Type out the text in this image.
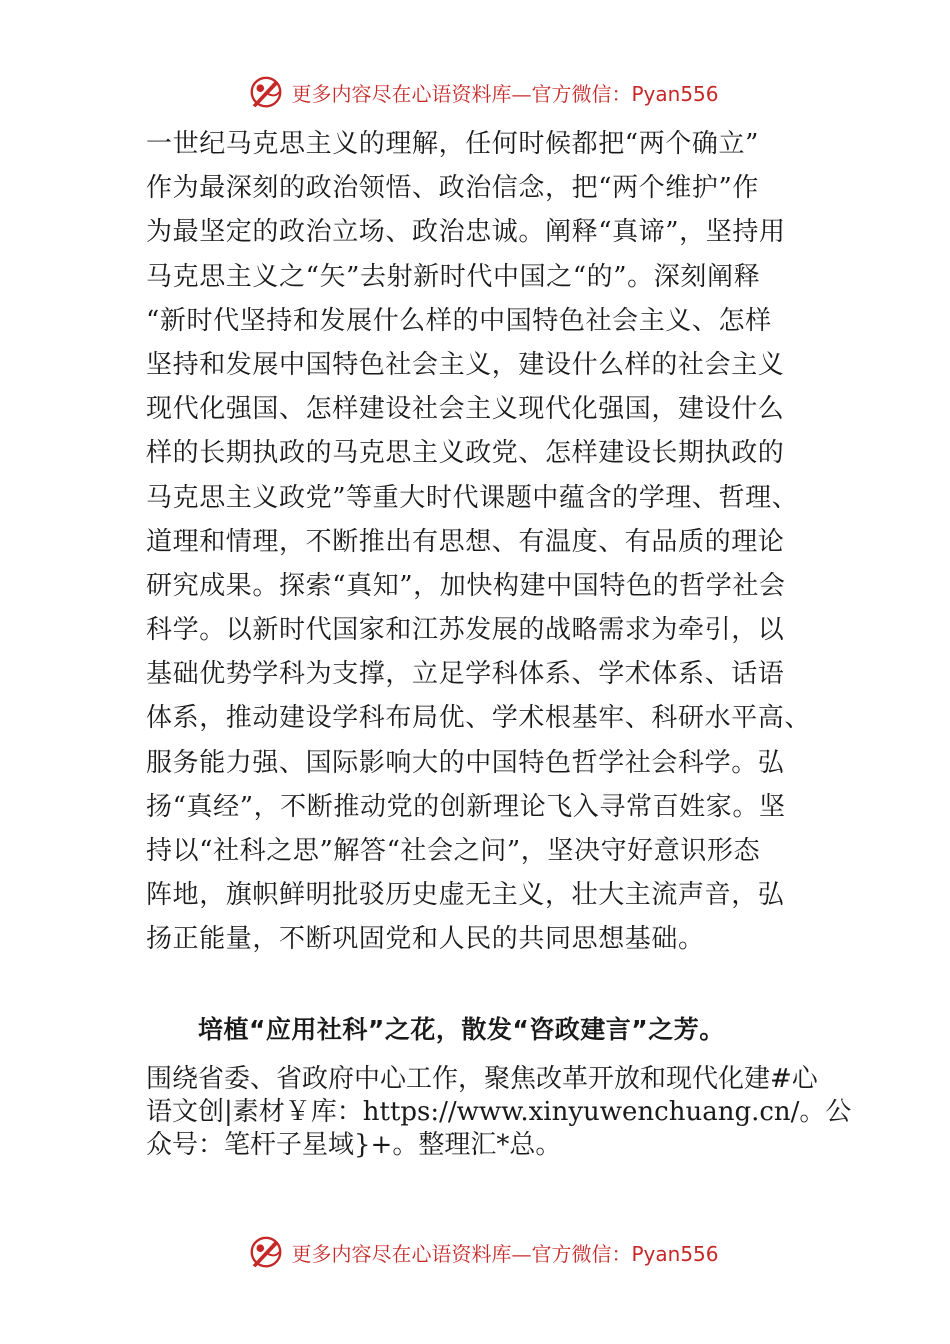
更多内容尽在心语资料库—官方微信：Pyan556
一世纪马克思主义的理解，任何时候都把“两个确立”
作为最深刻的政治领悟、政治信念，把“两个维护”作
为最坚定的政治立场、政治忠诚。阐释“真谛”，坚持用
马克思主义之“矢”去射新时代中国之“的”。深刻阐释
“新时代坚持和发展什么样的中国特色社会主义、怎样
坚持和发展中国特色社会主义，建设什么样的社会主义
现代化强国、怎样建设社会主义现代化强国，建设什么
样的长期执政的马克思主义政党、怎样建设长期执政的
马克思主义政党”等重大时代课题中蕴含的学理、哲理、
道理和情理，不断推出有思想、有温度、有品质的理论
研究成果。探索“真知”，加快构建中国特色的哲学社会
科学。以新时代国家和江苏发展的战略需求为牵引，以
基础优势学科为支撑，立足学科体系、学术体系、话语
体系，推动建设学科布局优、学术根基牢、科研水平高、
服务能力强、国际影响大的中国特色哲学社会科学。弘
扬“真经”，不断推动党的创新理论飞入寻常百姓家。坚
持以“社科之思”解答“社会之问”，坚决守好意识形态
阵地，旗帜鲜明批驳历史虚无主义，壮大主流声音，弘
扬正能量，不断巩固党和人民的共同思想基础。
培植“应用社科”之花，散发“咨政建言”之芳。
围绕省委、省政府中心工作，聚焦改革开放和现代化建#心
语文创|素材￥库：https://www.xinyuwenchuang.cn/。公
众号：笔杆子星域}+。整理汇*总。
更多内容尽在心语资料库—官方微信：Pyan556
